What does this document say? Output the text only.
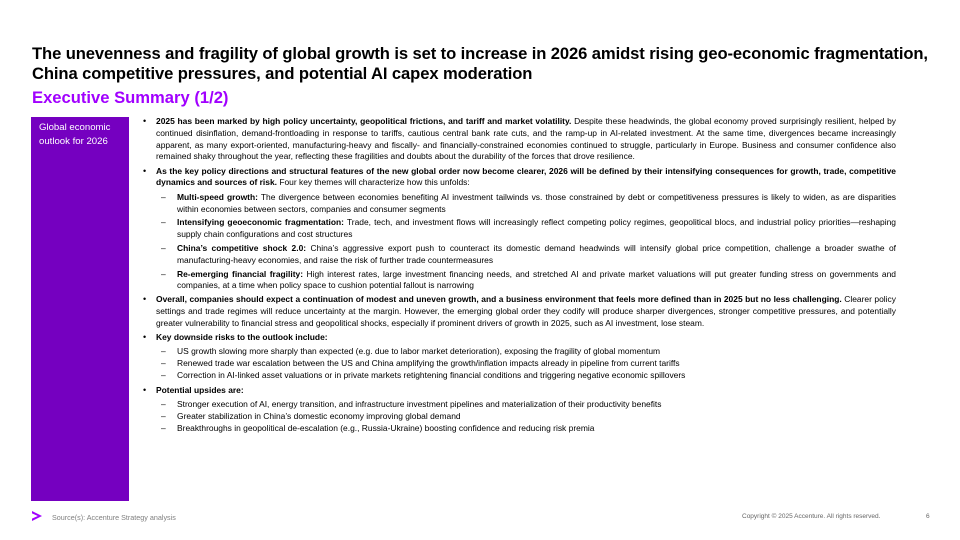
The unevenness and fragility of global growth is set to increase in 2026 amidst rising geo-economic fragmentation, China competitive pressures, and potential AI capex moderation
Executive Summary (1/2)
Global economic outlook for 2026
• 2025 has been marked by high policy uncertainty, geopolitical frictions, and tariff and market volatility. Despite these headwinds, the global economy proved surprisingly resilient, helped by continued disinflation, demand-frontloading in response to tariffs, cautious central bank rate cuts, and the ramp-up in AI-related investment. At the same time, divergences became increasingly apparent, as many export-oriented, manufacturing-heavy and fiscally- and financially-constrained economies continued to struggle, particularly in Europe. Business and consumer confidence also remained shaky throughout the year, reflecting these fragilities and doubts about the durability of the forces that drove resilience.
• As the key policy directions and structural features of the new global order now become clearer, 2026 will be defined by their intensifying consequences for growth, trade, competitive dynamics and sources of risk. Four key themes will characterize how this unfolds:
– Multi-speed growth: The divergence between economies benefiting AI investment tailwinds vs. those constrained by debt or competitiveness pressures is likely to widen, as are disparities within economies between sectors, companies and consumer segments
– Intensifying geoeconomic fragmentation: Trade, tech, and investment flows will increasingly reflect competing policy regimes, geopolitical blocs, and industrial policy priorities—reshaping supply chain configurations and cost structures
– China’s competitive shock 2.0: China’s aggressive export push to counteract its domestic demand headwinds will intensify global price competition, challenge a broader swathe of manufacturing-heavy economies, and raise the risk of further trade countermeasures
– Re-emerging financial fragility: High interest rates, large investment financing needs, and stretched AI and private market valuations will put greater funding stress on governments and companies, at a time when policy space to cushion potential fallout is narrowing
• Overall, companies should expect a continuation of modest and uneven growth, and a business environment that feels more defined than in 2025 but no less challenging. Clearer policy settings and trade regimes will reduce uncertainty at the margin. However, the emerging global order they codify will produce sharper divergences, stronger competitive pressures, and potentially greater vulnerability to financial stress and geopolitical shocks, especially if prominent drivers of growth in 2025, such as AI investment, lose steam.
• Key downside risks to the outlook include:
– US growth slowing more sharply than expected (e.g. due to labor market deterioration), exposing the fragility of global momentum
– Renewed trade war escalation between the US and China amplifying the growth/inflation impacts already in pipeline from current tariffs
– Correction in AI-linked asset valuations or in private markets retightening financial conditions and triggering negative economic spillovers
• Potential upsides are:
– Stronger execution of AI, energy transition, and infrastructure investment pipelines and materialization of their productivity benefits
– Greater stabilization in China’s domestic economy improving global demand
– Breakthroughs in geopolitical de-escalation (e.g., Russia-Ukraine) boosting confidence and reducing risk premia
Source(s): Accenture Strategy analysis	Copyright © 2025 Accenture. All rights reserved.	6
